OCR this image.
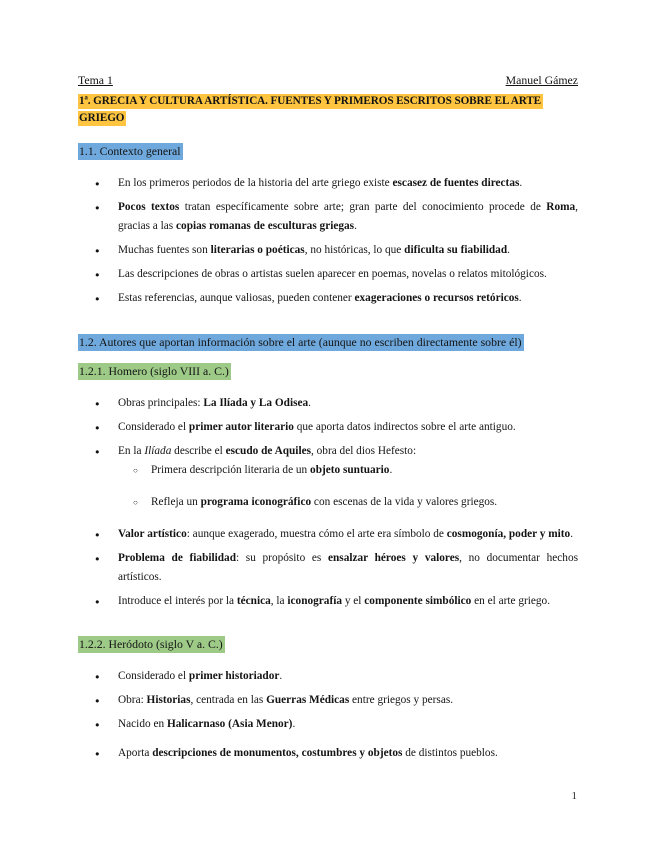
Tema 1	Manuel Gámez
1ª. GRECIA Y CULTURA ARTÍSTICA. FUENTES Y PRIMEROS ESCRITOS SOBRE EL ARTE GRIEGO
1.1. Contexto general
●	En los primeros periodos de la historia del arte griego existe escasez de fuentes directas.
●	Pocos textos tratan específicamente sobre arte; gran parte del conocimiento procede de Roma, gracias a las copias romanas de esculturas griegas.
●	Muchas fuentes son literarias o poéticas, no históricas, lo que dificulta su fiabilidad.
●	Las descripciones de obras o artistas suelen aparecer en poemas, novelas o relatos mitológicos.
●	Estas referencias, aunque valiosas, pueden contener exageraciones o recursos retóricos.
1.2. Autores que aportan información sobre el arte (aunque no escriben directamente sobre él)
1.2.1. Homero (siglo VIII a. C.)
●	Obras principales: La Ilíada y La Odisea.
●	Considerado el primer autor literario que aporta datos indirectos sobre el arte antiguo.
●	En la Ilíada describe el escudo de Aquiles, obra del dios Hefesto:
○	Primera descripción literaria de un objeto suntuario.
○	Refleja un programa iconográfico con escenas de la vida y valores griegos.
●	Valor artístico: aunque exagerado, muestra cómo el arte era símbolo de cosmogonía, poder y mito.
●	Problema de fiabilidad: su propósito es ensalzar héroes y valores, no documentar hechos artísticos.
●	Introduce el interés por la técnica, la iconografía y el componente simbólico en el arte griego.
1.2.2. Heródoto (siglo V a. C.)
●	Considerado el primer historiador.
●	Obra: Historias, centrada en las Guerras Médicas entre griegos y persas.
●	Nacido en Halicarnaso (Asia Menor).
●	Aporta descripciones de monumentos, costumbres y objetos de distintos pueblos.
1
